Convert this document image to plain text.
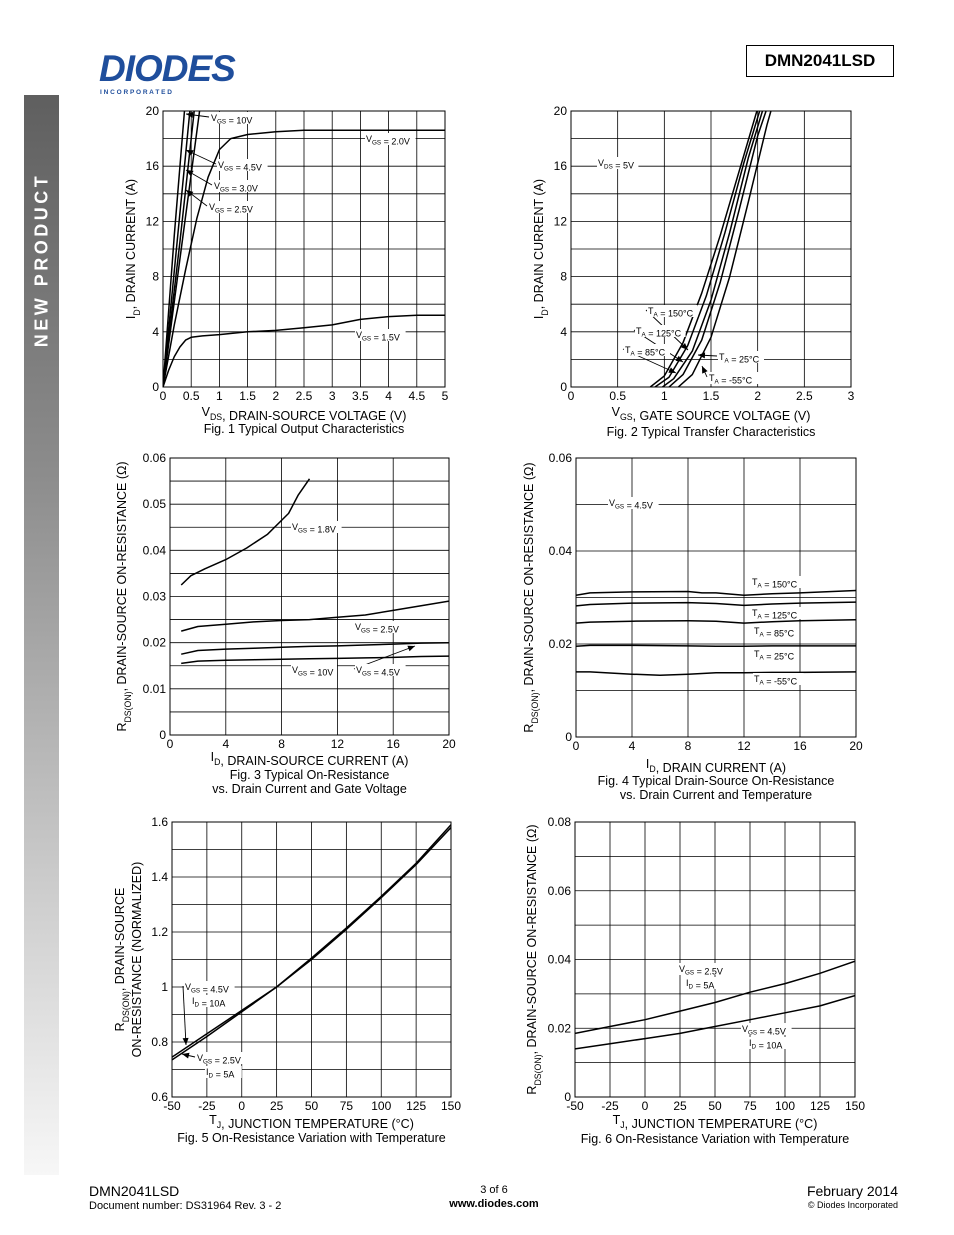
DIODES
I N C O R P O R A T E D
DMN2041LSD
NEW PRODUCT
0 0.5 1 1.5 2 2.5 3 3.5 4 4.5 5
0
4
8
12
16
20
$V_{DS}$, DRAIN-SOURCE VOLTAGE (V)
$I_D$, DRAIN CURRENT (A)
Fig. 1 Typical Output Characteristics
$V_{GS} = 10V$
$V_{GS} = 4.5V$
$V_{GS} = 3.0V$
$V_{GS} = 2.5V$
$V_{GS} = 2.0V$
$V_{GS} = 1.5V$
0	0.5	1	1.5	2	2.5	3
0
4
8
12
16
20
$V_{GS}$, GATE SOURCE VOLTAGE (V)
$I_D$, DRAIN CURRENT (A)
Fig. 2 Typical Transfer Characteristics
$V_{DS} = 5V$
$T_A = 150^\circ C$
$T_A = 125^\circ C$
$T_A = 85^\circ C$	$T_A = 25^\circ C$
$T_A = -55^\circ C$
0	4	8	12	16	20
0
0.01
0.02
0.03
0.04
0.05
0.06
$I_D$, DRAIN-SOURCE CURRENT (A)
$R_{DS(ON)}$, DRAIN-SOURCE ON-RESISTANCE (Ω)
Fig. 3 Typical On-Resistance
vs. Drain Current and Gate Voltage
$V_{GS} = 1.8V$
$V_{GS} = 2.5V$
$V_{GS} = 10V$	$V_{GS} = 4.5V$
0	4	8	12	16	20
0
0.02
0.04
0.06
$I_D$, DRAIN CURRENT (A)
$R_{DS(ON)}$, DRAIN-SOURCE ON-RESISTANCE (Ω)
Fig. 4 Typical Drain-Source On-Resistance
vs. Drain Current and Temperature
$V_{GS} = 4.5V$
$T_A = 150^\circ C$
$T_A = 125^\circ C$
$T_A = 85^\circ C$
$T_A = 25^\circ C$
$T_A = -55^\circ C$
-50 -25 0 25 50 75 100 125 150
0.6
0.8
1
1.2
1.4
1.6
$T_J$, JUNCTION TEMPERATURE (°C)
$R_{DS(ON)}$, DRAIN-SOURCE ON-RESISTANCE (NORMALIZED)
Fig. 5 On-Resistance Variation with Temperature
$V_{GS} = 4.5V$
$I_D = 10A$
$V_{GS} = 2.5V$
$I_D = 5A$
-50 -25 0 25 50 75 100 125 150
0
0.02
0.04
0.06
0.08
$T_J$, JUNCTION TEMPERATURE (°C)
$R_{DS(ON)}$, DRAIN-SOURCE ON-RESISTANCE (Ω)
Fig. 6 On-Resistance Variation with Temperature
$V_{GS} = 2.5V$
$I_D = 5A$
$V_{GS} = 4.5V$
$I_D = 10A$
DMN2041LSD
Document number: DS31964 Rev. 3 - 2
3 of 6
www.diodes.com
February 2014
© Diodes Incorporated
